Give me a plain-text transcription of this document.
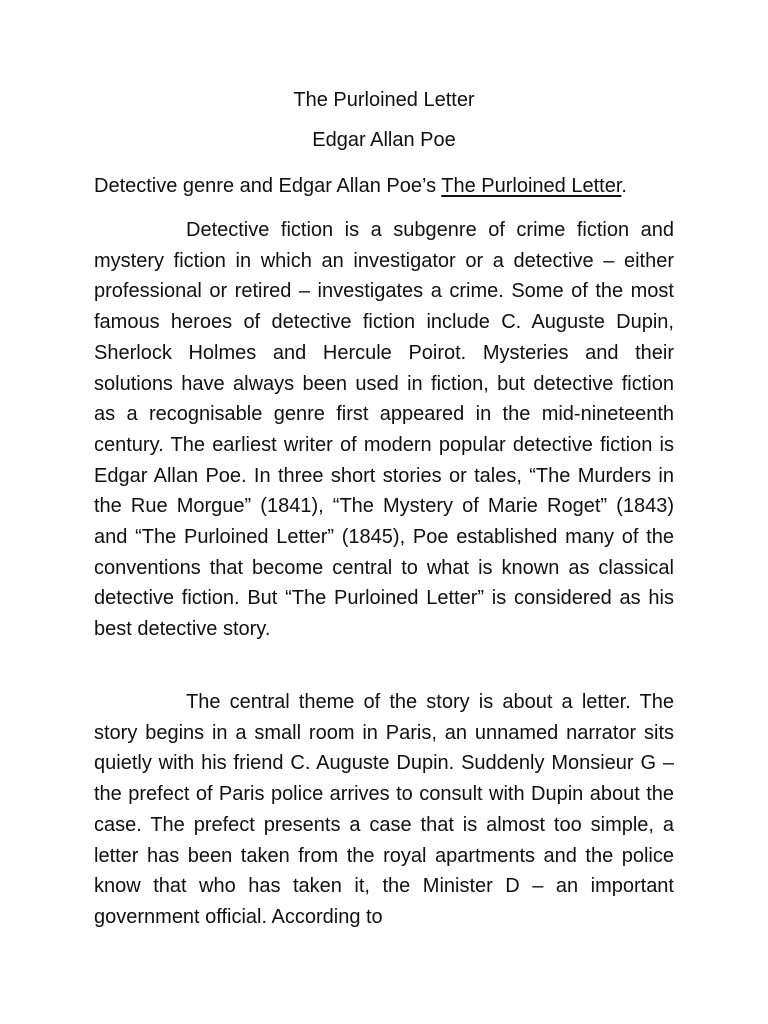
The Purloined Letter
Edgar Allan Poe

Detective genre and Edgar Allan Poe’s The Purloined Letter.

Detective fiction is a subgenre of crime fiction and mystery fiction in which an investigator or a detective – either professional or retired – investigates a crime. Some of the most famous heroes of detective fiction include C. Auguste Dupin, Sherlock Holmes and Hercule Poirot. Mysteries and their solutions have always been used in fiction, but detective fiction as a recognisable genre first appeared in the mid-nineteenth century. The earliest writer of modern popular detective fiction is Edgar Allan Poe. In three short stories or tales, “The Murders in the Rue Morgue” (1841), “The Mystery of Marie Roget” (1843) and “The Purloined Letter” (1845), Poe established many of the conventions that become central to what is known as classical detective fiction. But “The Purloined Letter” is considered as his best detective story.

The central theme of the story is about a letter. The story begins in a small room in Paris, an unnamed narrator sits quietly with his friend C. Auguste Dupin. Suddenly Monsieur G – the prefect of Paris police arrives to consult with Dupin about the case. The prefect presents a case that is almost too simple, a letter has been taken from the royal apartments and the police know that who has taken it, the Minister D – an important government official. According to
